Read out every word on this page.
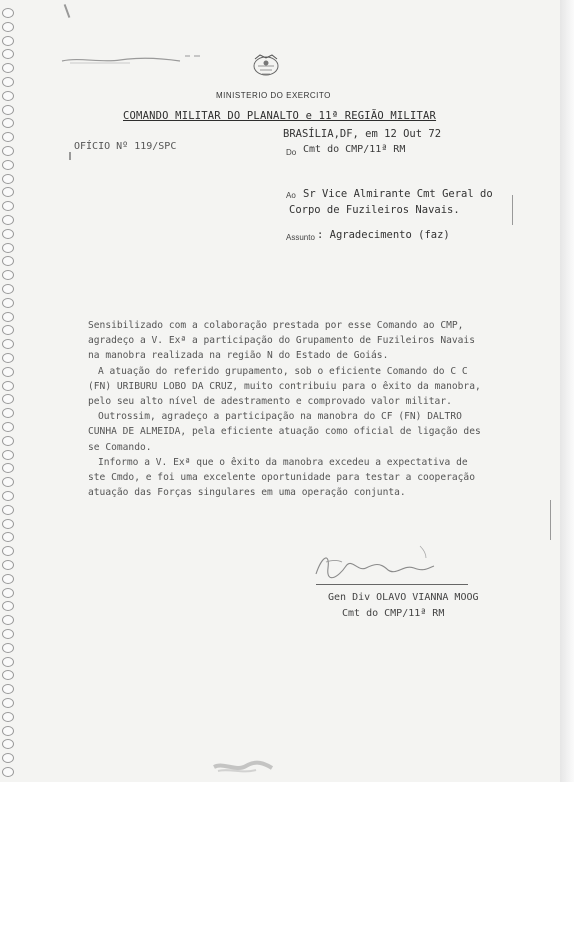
MINISTERIO DO EXERCITO
COMANDO MILITAR DO PLANALTO e 11ª REGIÃO MILITAR
BRASÍLIA,DF, em 12 Out 72
OFÍCIO Nº 119/SPC
Do Cmt do CMP/11ª RM
Ao Sr Vice Almirante Cmt Geral do
Corpo de Fuzileiros Navais.
Assunto : Agradecimento (faz)

Sensibilizado com a colaboração prestada por esse Comando ao CMP,

agradeço a V. Exª a participação do Grupamento de Fuzileiros Navais

na manobra realizada na região N do Estado de Goiás.

A atuação do referido grupamento, sob o eficiente Comando do C C

(FN) URIBURU LOBO DA CRUZ, muito contribuiu para o êxito da manobra,

pelo seu alto nível de adestramento e comprovado valor militar.

Outrossim, agradeço a participação na manobra do CF (FN) DALTRO

CUNHA DE ALMEIDA, pela eficiente atuação como oficial de ligação des

se Comando.

Informo a V. Exª que o êxito da manobra excedeu a expectativa de

ste Cmdo, e foi uma excelente oportunidade para testar a cooperação

atuação das Forças singulares em uma operação conjunta.

Gen Div OLAVO VIANNA MOOG
Cmt do CMP/11ª RM
